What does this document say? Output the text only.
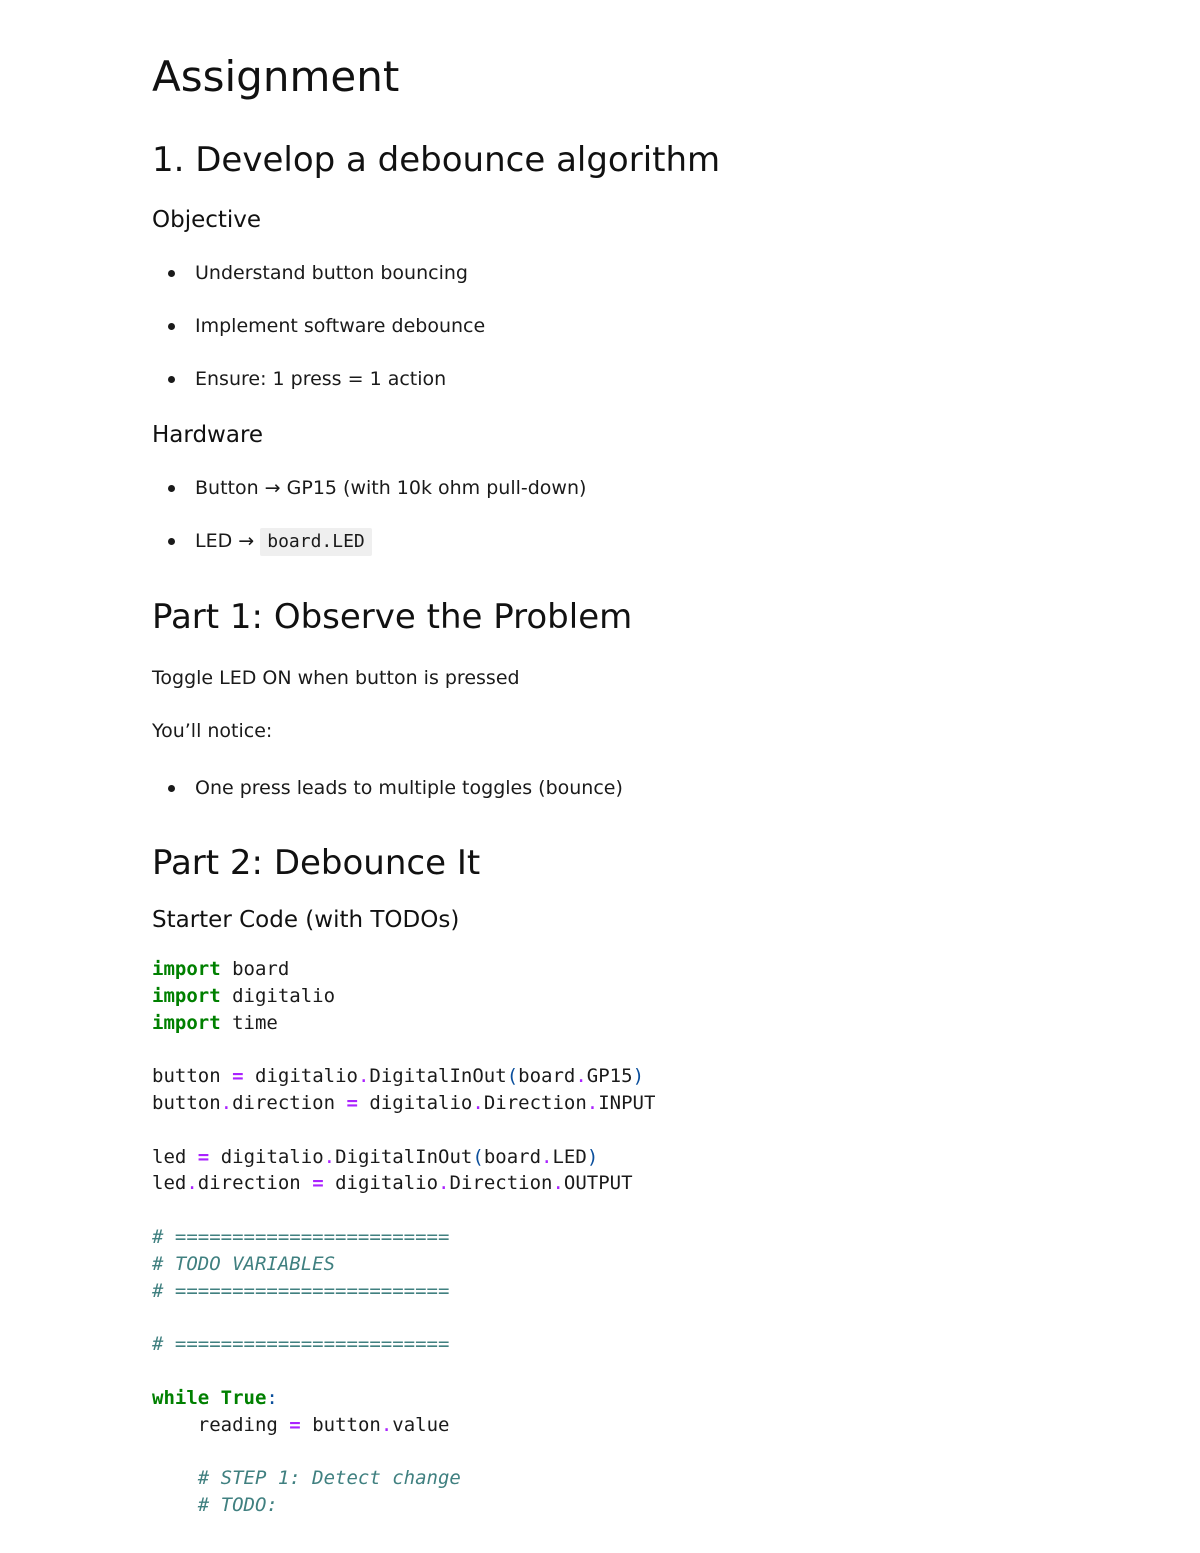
Assignment
1. Develop a debounce algorithm
Objective
Understand button bouncing
Implement software debounce
Ensure: 1 press = 1 action
Hardware
Button → GP15 (with 10k ohm pull-down)
LED → board.LED
Part 1: Observe the Problem

Toggle LED ON when button is pressed

You’ll notice:

One press leads to multiple toggles (bounce)
Part 2: Debounce It
Starter Code (with TODOs)
import board
import digitalio
import time

button = digitalio.DigitalInOut(board.GP15)
button.direction = digitalio.Direction.INPUT

led = digitalio.DigitalInOut(board.LED)
led.direction = digitalio.Direction.OUTPUT

# ========================
# TODO VARIABLES
# ========================

# ========================

while True:
reading = button.value

# STEP 1: Detect change
# TODO:
